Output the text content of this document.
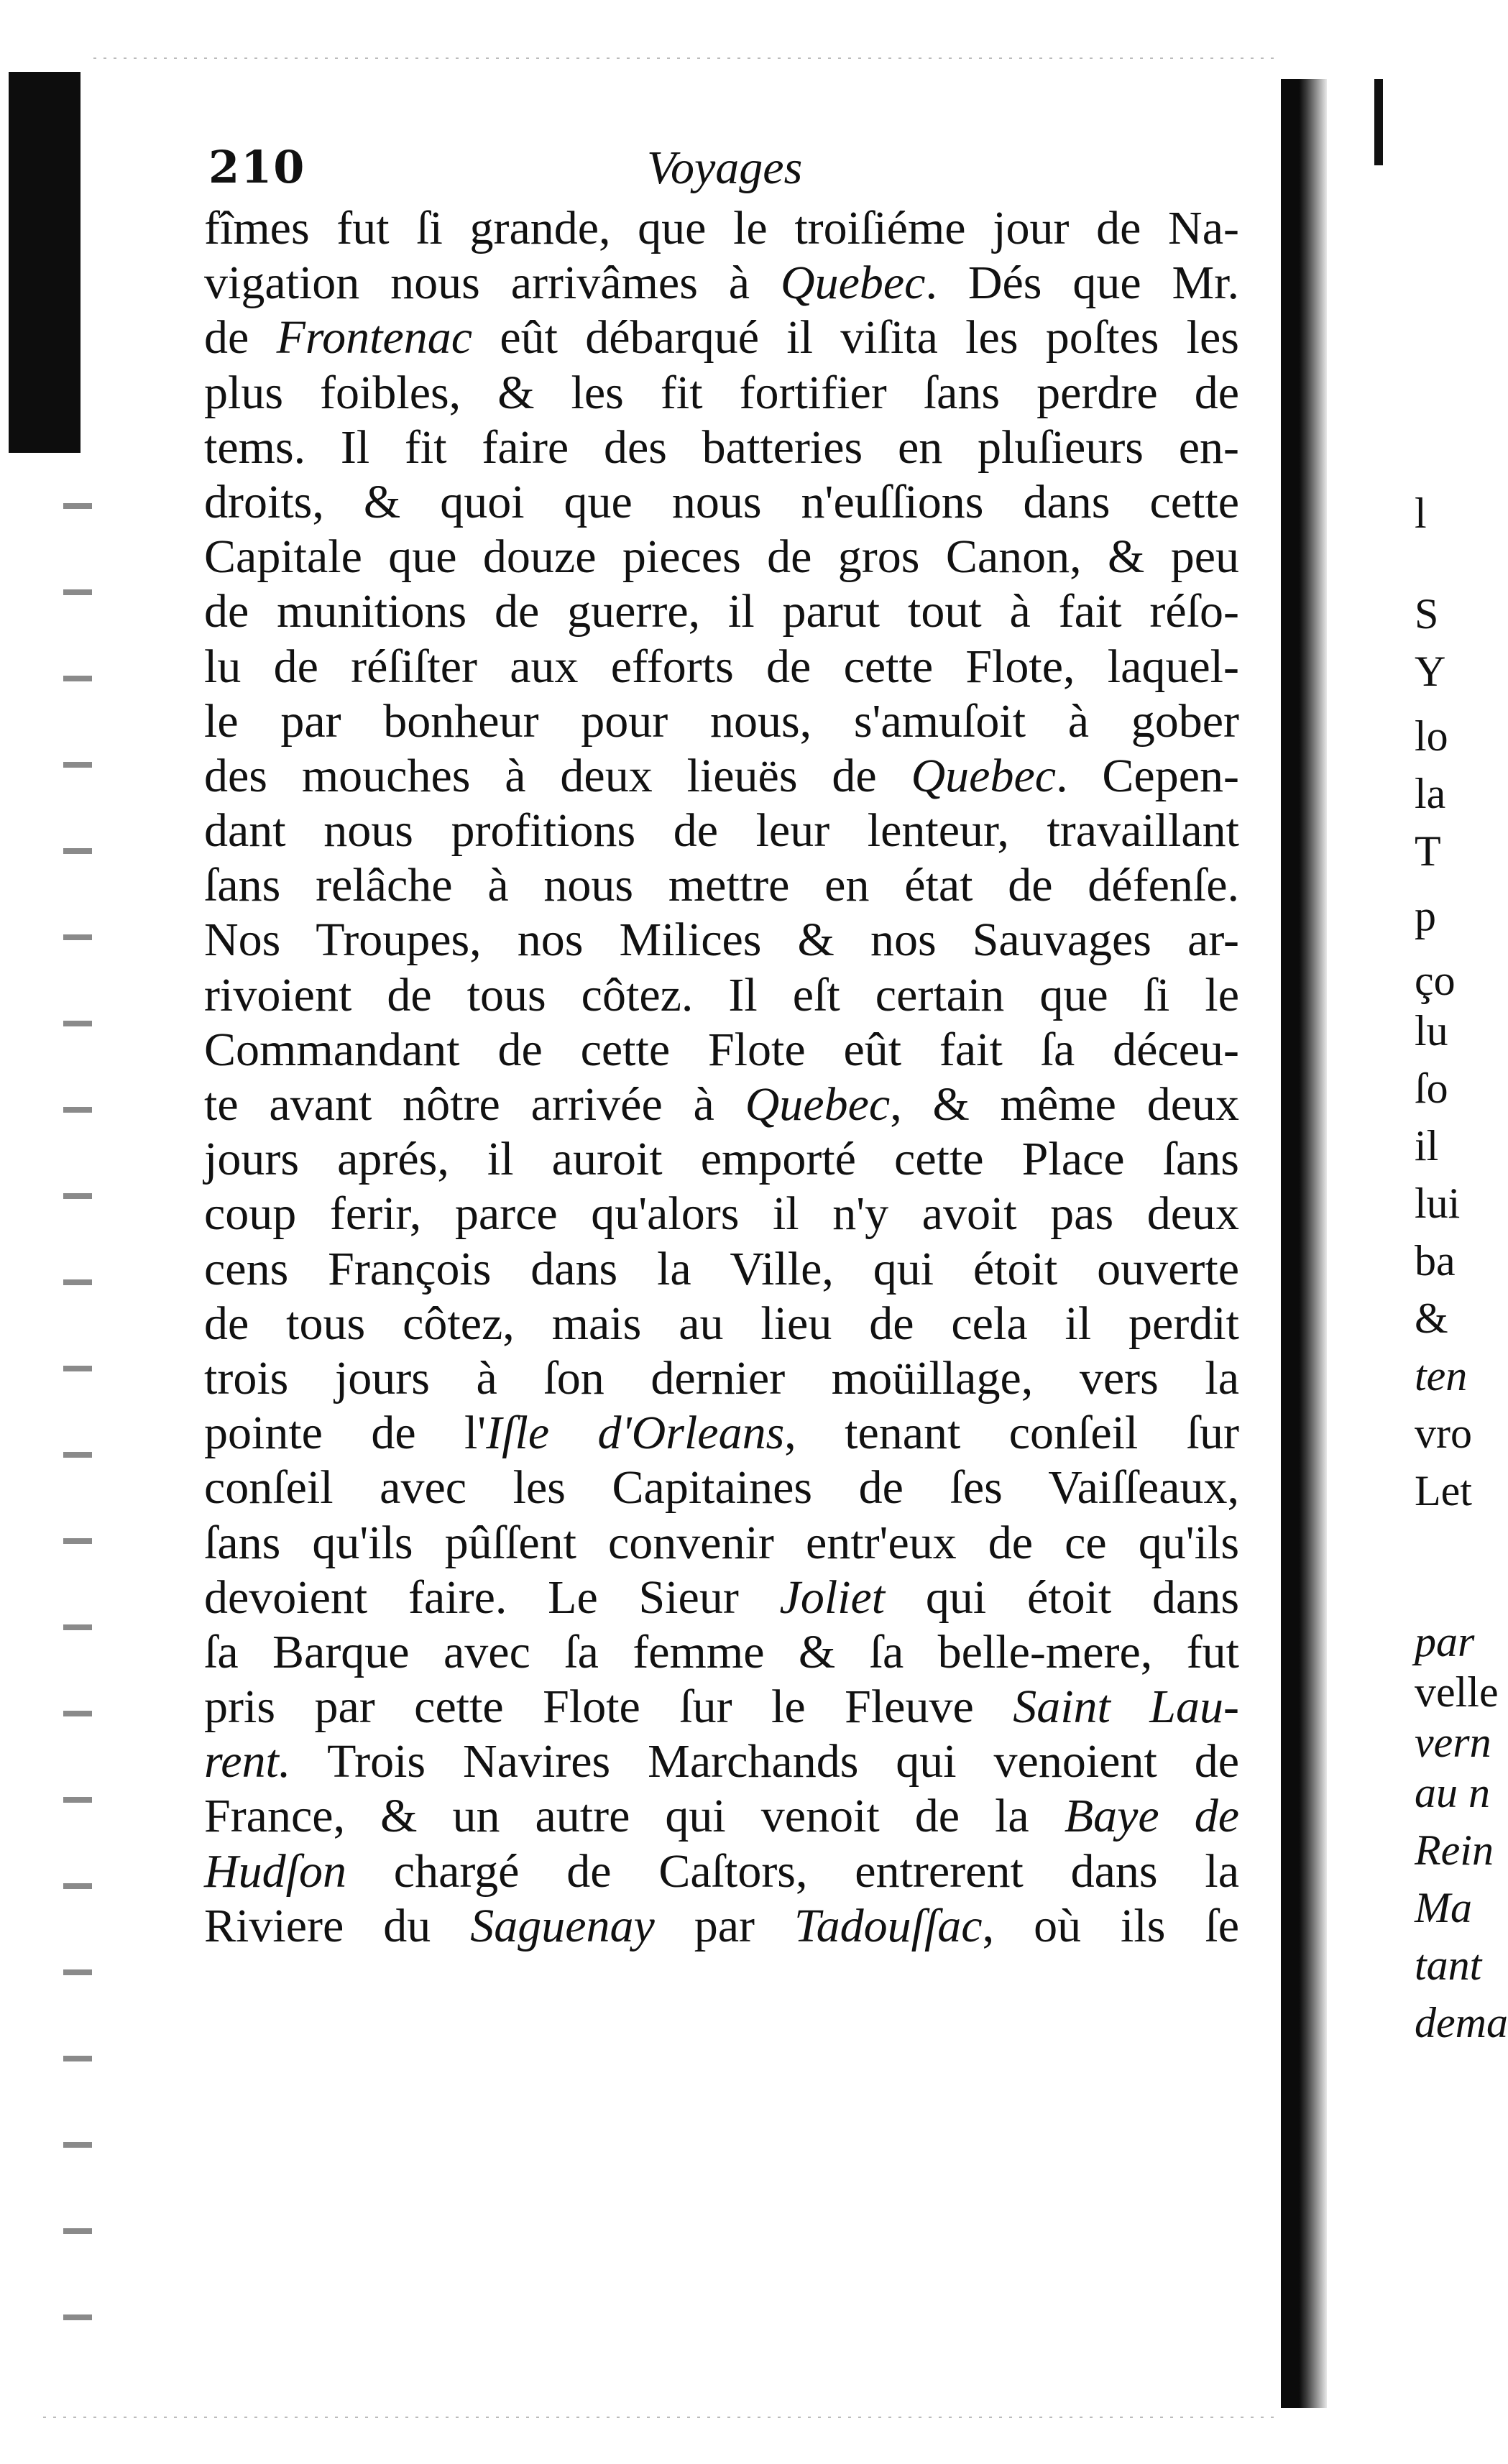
210	Voyages
fîmes fut ſi grande, que le troiſiéme jour de Na-
vigation nous arrivâmes à Quebec. Dés que Mr.
de Frontenac eût débarqué il viſita les poſtes les
plus foibles, & les fit fortifier ſans perdre de
tems. Il fit faire des batteries en pluſieurs en-
droits, & quoi que nous n'euſſions dans cette
Capitale que douze pieces de gros Canon, & peu
de munitions de guerre, il parut tout à fait réſo-
lu de réſiſter aux efforts de cette Flote, laquel-
le par bonheur pour nous, s'amuſoit à gober
des mouches à deux lieuës de Quebec. Cepen-
dant nous profitions de leur lenteur, travaillant
ſans relâche à nous mettre en état de défenſe.
Nos Troupes, nos Milices & nos Sauvages ar-
rivoient de tous côtez. Il eſt certain que ſi le
Commandant de cette Flote eût fait ſa déceu-
te avant nôtre arrivée à Quebec, & même deux
jours aprés, il auroit emporté cette Place ſans
coup ferir, parce qu'alors il n'y avoit pas deux
cens François dans la Ville, qui étoit ouverte
de tous côtez, mais au lieu de cela il perdit
trois jours à ſon dernier moüillage, vers la
pointe de l'Iſle d'Orleans, tenant conſeil ſur
conſeil avec les Capitaines de ſes Vaiſſeaux,
ſans qu'ils pûſſent convenir entr'eux de ce qu'ils
devoient faire. Le Sieur Joliet qui étoit dans
ſa Barque avec ſa femme & ſa belle-mere, fut
pris par cette Flote ſur le Fleuve Saint Lau-
rent. Trois Navires Marchands qui venoient de
France, & un autre qui venoit de la Baye de
Hudſon chargé de Caſtors, entrerent dans la
Riviere du Saguenay par Tadouſſac, où ils ſe
l
S
Y
lo
la
T
p
ço
lu
ſo
il
lui
ba
&
ten
vro
Let
par
velle
vern
au n
Rein
Ma
tant
dema
